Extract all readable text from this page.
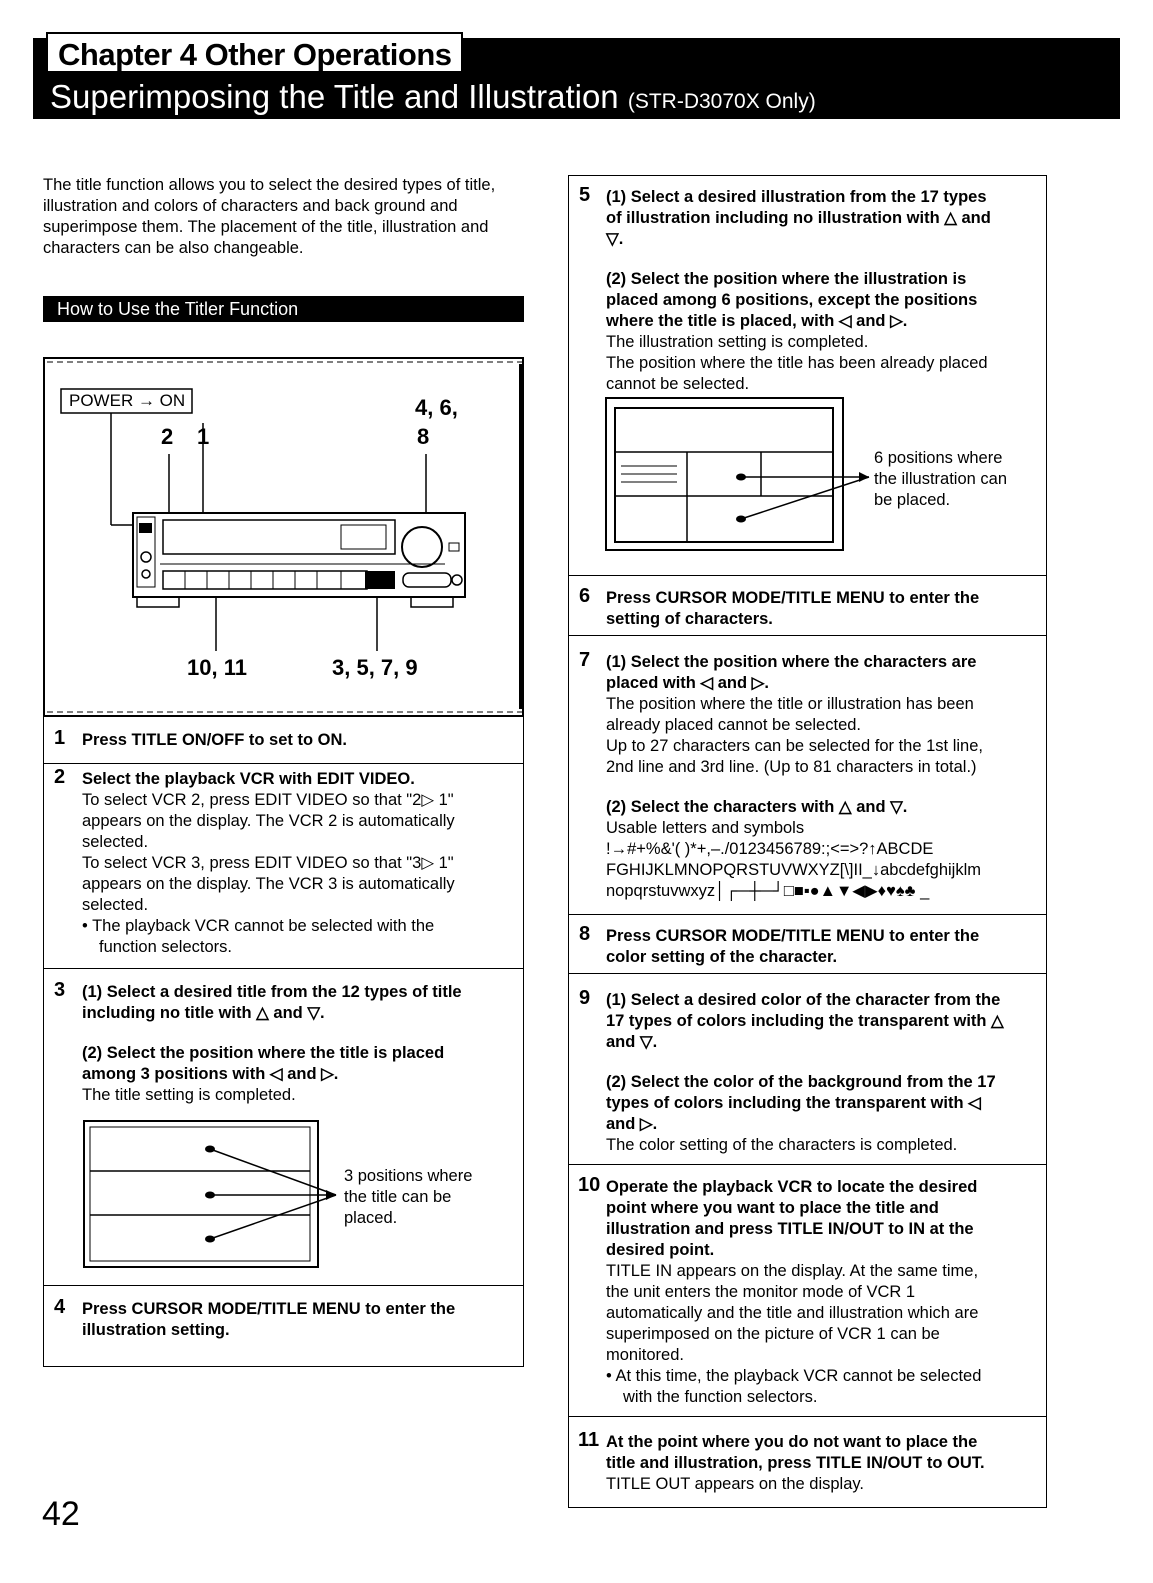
Chapter 4 Other Operations
Superimposing the Title and Illustration (STR-D3070X Only)
The title function allows you to select the desired types of title, illustration and colors of characters and back ground and superimpose them. The placement of the title, illustration and characters can be also changeable.
How to Use the Titler Function
POWER → ON
2 1
4, 6,
8
10, 11	3, 5, 7, 9
1 Press TITLE ON/OFF to set to ON.
2 Select the playback VCR with EDIT VIDEO.
To select VCR 2, press EDIT VIDEO so that "2▷ 1"
appears on the display. The VCR 2 is automatically
selected.
To select VCR 3, press EDIT VIDEO so that "3▷ 1"
appears on the display. The VCR 3 is automatically
selected.
• The playback VCR cannot be selected with the
function selectors.
3 (1) Select a desired title from the 12 types of title
including no title with △ and ▽.
(2) Select the position where the title is placed
among 3 positions with ◁ and ▷.
The title setting is completed.
3 positions where
the title can be
placed.
4 Press CURSOR MODE/TITLE MENU to enter the
illustration setting.
5 (1) Select a desired illustration from the 17 types
of illustration including no illustration with △ and
▽.
(2) Select the position where the illustration is
placed among 6 positions, except the positions
where the title is placed, with ◁ and ▷.
The illustration setting is completed.
The position where the title has been already placed
cannot be selected.
6 positions where
the illustration can
be placed.
6 Press CURSOR MODE/TITLE MENU to enter the
setting of characters.
7 (1) Select the position where the characters are
placed with ◁ and ▷.
The position where the title or illustration has been
already placed cannot be selected.
Up to 27 characters can be selected for the 1st line,
2nd line and 3rd line. (Up to 81 characters in total.)
(2) Select the characters with △ and ▽.
Usable letters and symbols
!→#+%&'( )*+,–./0123456789:;<=>?↑ABCDE
FGHIJKLMNOPQRSTUVWXYZ[\]II_↓abcdefghijklm
nopqrstuvwxyz│┌─┼─┘□■▪●▲▼◀▶♦♥♠♣ _
8 Press CURSOR MODE/TITLE MENU to enter the
color setting of the character.
9 (1) Select a desired color of the character from the
17 types of colors including the transparent with △
and ▽.
(2) Select the color of the background from the 17
types of colors including the transparent with ◁
and ▷.
The color setting of the characters is completed.
10 Operate the playback VCR to locate the desired
point where you want to place the title and
illustration and press TITLE IN/OUT to IN at the
desired point.
TITLE IN appears on the display. At the same time,
the unit enters the monitor mode of VCR 1
automatically and the title and illustration which are
superimposed on the picture of VCR 1 can be
monitored.
• At this time, the playback VCR cannot be selected
with the function selectors.
11 At the point where you do not want to place the
title and illustration, press TITLE IN/OUT to OUT.
TITLE OUT appears on the display.
42
